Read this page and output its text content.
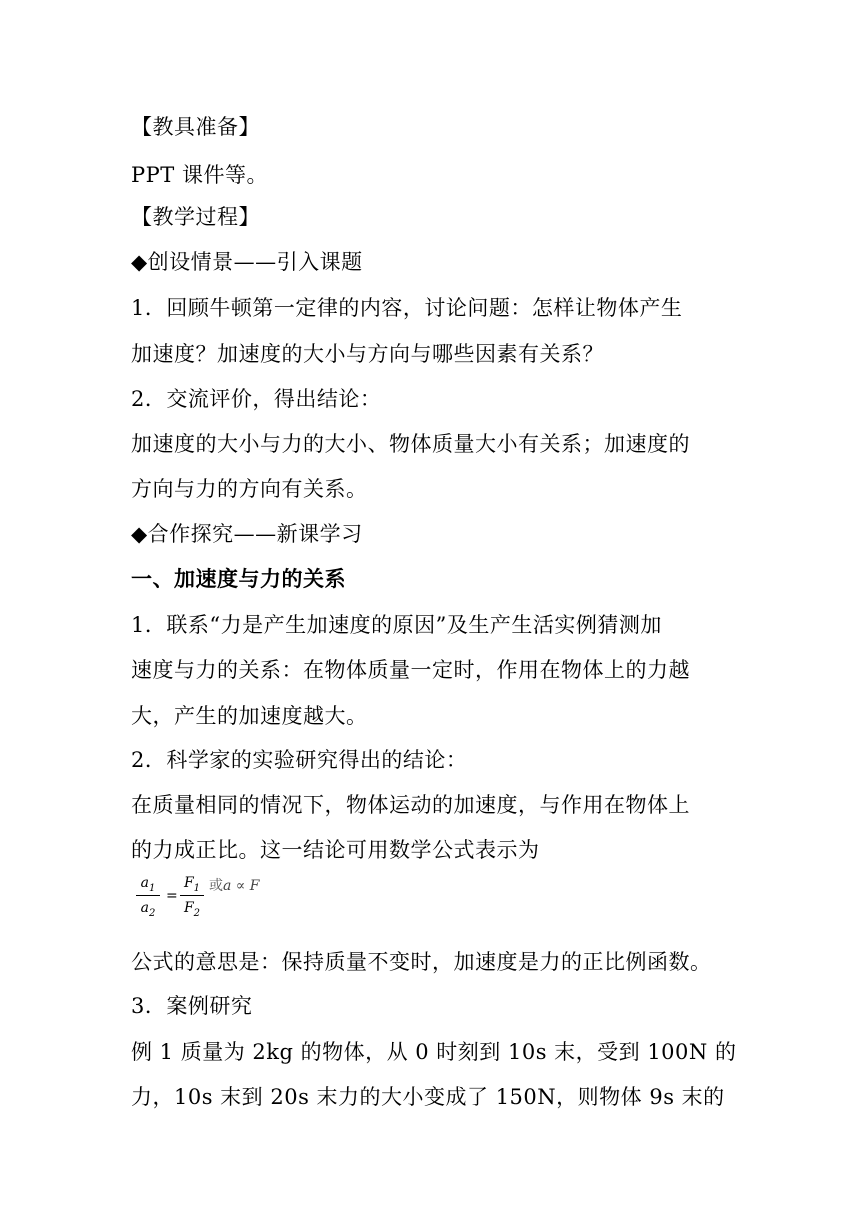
【教具准备】
PPT 课件等。
【教学过程】
◆创设情景——引入课题
1．回顾牛顿第一定律的内容，讨论问题：怎样让物体产生
加速度？加速度的大小与方向与哪些因素有关系？
2．交流评价，得出结论：
加速度的大小与力的大小、物体质量大小有关系；加速度的
方向与力的方向有关系。
◆合作探究——新课学习
一、加速度与力的关系
1．联系“力是产生加速度的原因”及生产生活实例猜测加
速度与力的关系：在物体质量一定时，作用在物体上的力越
大，产生的加速度越大。
2．科学家的实验研究得出的结论：
在质量相同的情况下，物体运动的加速度，与作用在物体上
的力成正比。这一结论可用数学公式表示为
$a_1$
$a_2$
=
$F_1$
$F_2$
或a ∝ F
公式的意思是：保持质量不变时，加速度是力的正比例函数。
3．案例研究
例 1 质量为 2kg 的物体，从 0 时刻到 10s 末，受到 100N 的
力，10s 末到 20s 末力的大小变成了 150N，则物体 9s 末的
